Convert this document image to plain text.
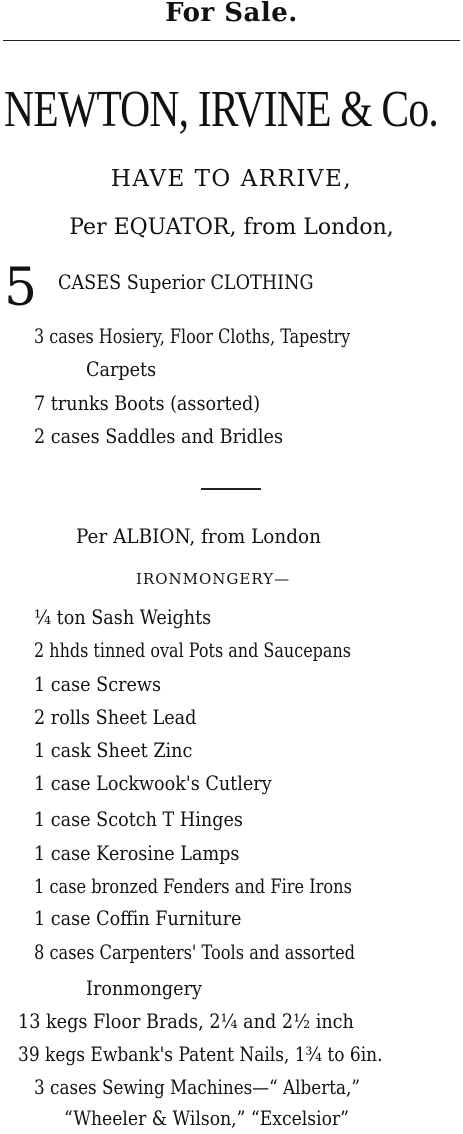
For Sale.
NEWTON, IRVINE & Co.
HAVE TO ARRIVE,
Per EQUATOR, from London,
5 CASES Superior CLOTHING
3 cases Hosiery, Floor Cloths, Tapestry
Carpets
7 trunks Boots (assorted)
2 cases Saddles and Bridles
Per ALBION, from London
IRONMONGERY—
¼ ton Sash Weights
2 hhds tinned oval Pots and Saucepans
1 case Screws
2 rolls Sheet Lead
1 cask Sheet Zinc
1 case Lockwook's Cutlery
1 case Scotch T Hinges
1 case Kerosine Lamps
1 case bronzed Fenders and Fire Irons
1 case Coffin Furniture
8 cases Carpenters' Tools and assorted
Ironmongery
13 kegs Floor Brads, 2¼ and 2½ inch
39 kegs Ewbank's Patent Nails, 1¾ to 6in.
3 cases Sewing Machines—“ Alberta,”
“Wheeler & Wilson,” “Excelsior”
